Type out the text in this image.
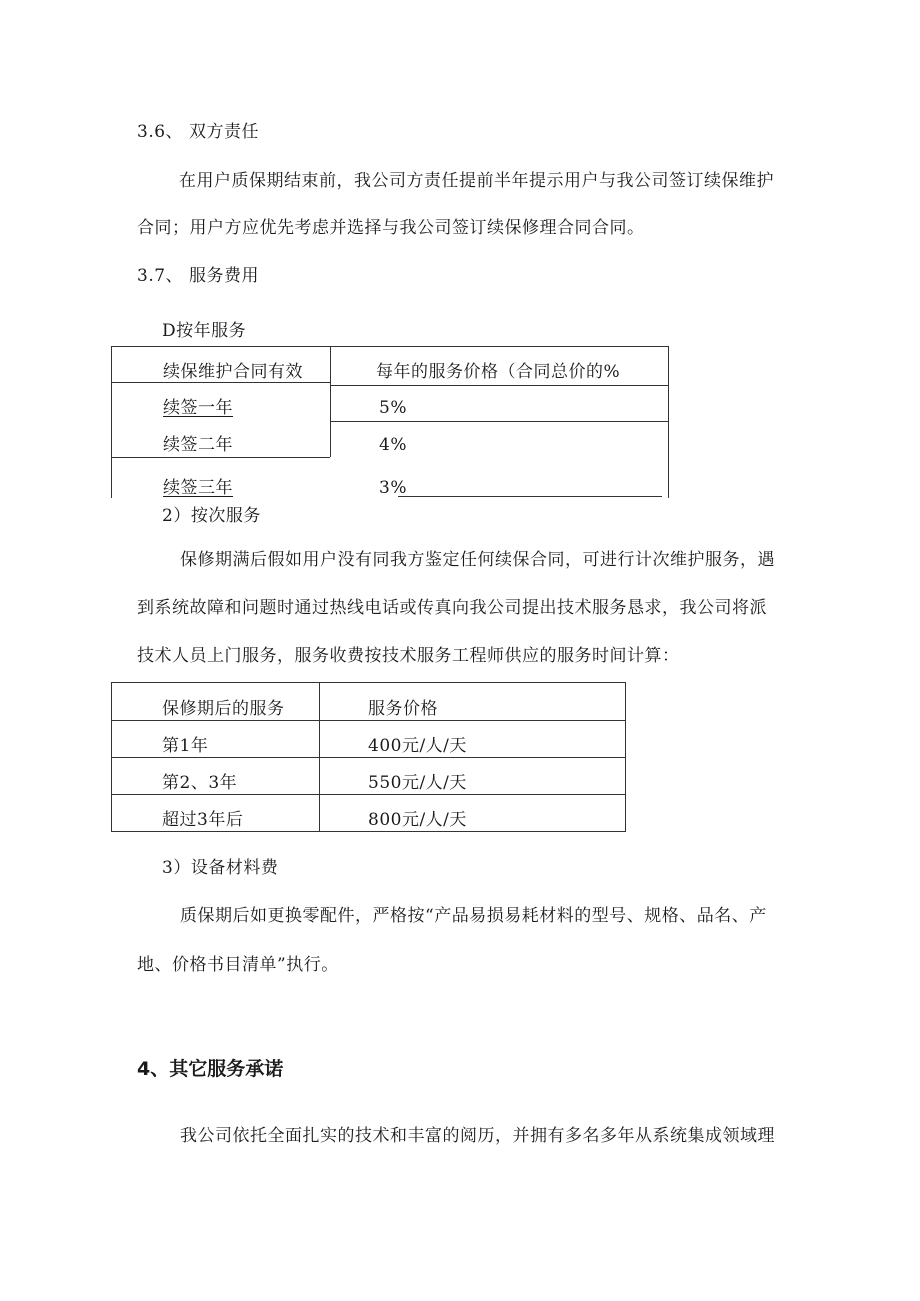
3.6、 双方责任
在用户质保期结束前，我公司方责任提前半年提示用户与我公司签订续保维护
合同；用户方应优先考虑并选择与我公司签订续保修理合同合同。
3.7、 服务费用
D按年服务
续保维护合同有效	每年的服务价格（合同总价的%
续签一年	5%
续签二年	4%
续签三年	3%
2）按次服务
保修期满后假如用户没有同我方鉴定任何续保合同，可进行计次维护服务，遇
到系统故障和问题时通过热线电话或传真向我公司提出技术服务恳求，我公司将派
技术人员上门服务，服务收费按技术服务工程师供应的服务时间计算：
保修期后的服务	服务价格
第1年	400元/人/天
第2、3年	550元/人/天
超过3年后	800元/人/天
3）设备材料费
质保期后如更换零配件，严格按“产品易损易耗材料的型号、规格、品名、产
地、价格书目清单”执行。
4、其它服务承诺
我公司依托全面扎实的技术和丰富的阅历，并拥有多名多年从系统集成领域理
